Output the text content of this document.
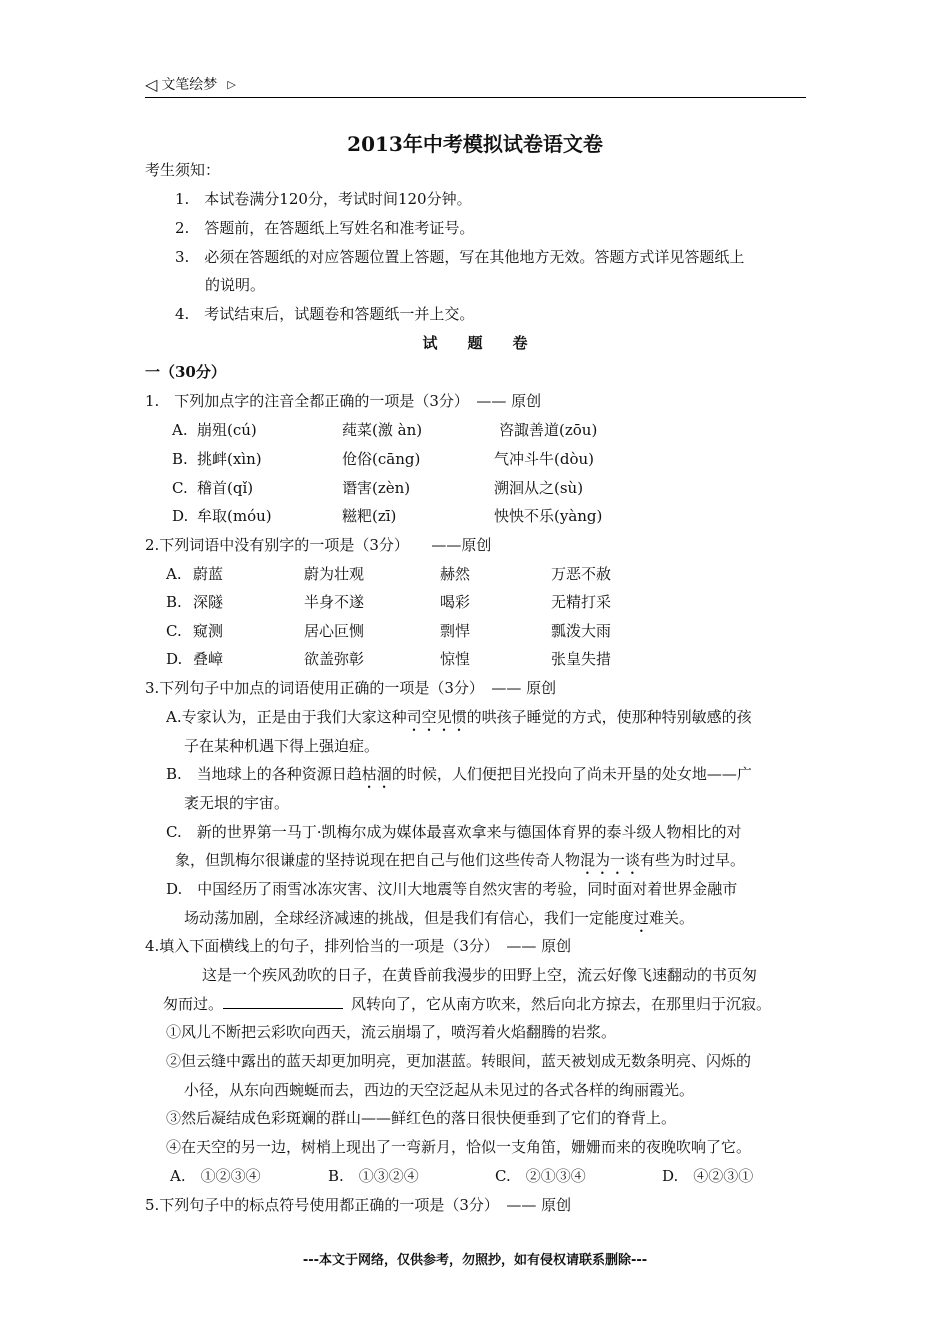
◁ 文笔绘梦 ▷
2013年中考模拟试卷语文卷
考生须知：
1.　本试卷满分120分，考试时间120分钟。
2.　答题前，在答题纸上写姓名和准考证号。
3.　必须在答题纸的对应答题位置上答题，写在其他地方无效。答题方式详见答题纸上
的说明。
4.　考试结束后，试题卷和答题纸一并上交。
试　　题　　卷
一（30分）
1.　下列加点字的注音全都正确的一项是（3分）　—— 原创
A. 崩殂(cú)	莼菜(激 àn)	咨諏善道(zōu)
B. 挑衅(xìn)	伧俗(cāng)	气冲斗牛(dòu)
C. 稽首(qǐ)	谮害(zèn)	溯洄从之(sù)
D. 牟取(móu)	糍粑(zī)	怏怏不乐(yàng)
2.下列词语中没有别字的一项是（3分）　　——原创
A. 蔚蓝	蔚为壮观	赫然	万恶不赦
B. 深隧	半身不遂	喝彩	无精打采
C. 窥测	居心叵恻	剽悍	瓢泼大雨
D. 叠嶂	欲盖弥彰	惊惶	张皇失措
3.下列句子中加点的词语使用正确的一项是（3分）　—— 原创
A.专家认为，正是由于我们大家这种司空见惯的哄孩子睡觉的方式，使那种特别敏感的孩
子在某种机遇下得上强迫症。
B.　当地球上的各种资源日趋枯涸的时候，人们便把目光投向了尚未开垦的处女地——广
袤无垠的宇宙。
C.　新的世界第一马丁·凯梅尔成为媒体最喜欢拿来与德国体育界的泰斗级人物相比的对
象，但凯梅尔很谦虚的坚持说现在把自己与他们这些传奇人物混为一谈有些为时过早。
D.　中国经历了雨雪冰冻灾害、汶川大地震等自然灾害的考验，同时面对着世界金融市
场动荡加剧，全球经济减速的挑战，但是我们有信心，我们一定能度过难关。
4.填入下面横线上的句子，排列恰当的一项是（3分）　—— 原创
这是一个疾风劲吹的日子，在黄昏前我漫步的田野上空，流云好像飞速翻动的书页匆
匆而过。	风转向了，它从南方吹来，然后向北方掠去，在那里归于沉寂。
①风儿不断把云彩吹向西天，流云崩塌了，喷泻着火焰翻腾的岩浆。
②但云缝中露出的蓝天却更加明亮，更加湛蓝。转眼间，蓝天被划成无数条明亮、闪烁的
小径，从东向西蜿蜒而去，西边的天空泛起从未见过的各式各样的绚丽霞光。
③然后凝结成色彩斑斓的群山——鲜红色的落日很快便垂到了它们的脊背上。
④在天空的另一边，树梢上现出了一弯新月，恰似一支角笛，姗姗而来的夜晚吹响了它。
A.　①②③④	B.　①③②④	C.　②①③④	D.　④②③①
5.下列句子中的标点符号使用都正确的一项是（3分）　—— 原创
---本文于网络，仅供参考，勿照抄，如有侵权请联系删除---
